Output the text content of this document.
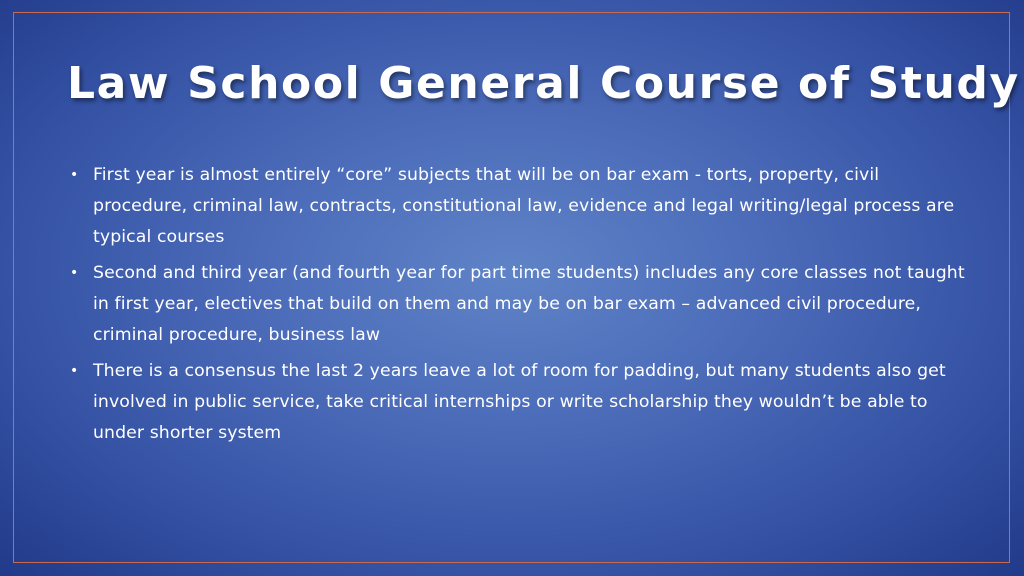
Law School General Course of Study
• First year is almost entirely “core” subjects that will be on bar exam - torts, property, civil procedure, criminal law, contracts, constitutional law, evidence and legal writing/legal process are typical courses
• Second and third year (and fourth year for part time students) includes any core classes not taught in first year, electives that build on them and may be on bar exam – advanced civil procedure, criminal procedure, business law
• There is a consensus the last 2 years leave a lot of room for padding, but many students also get involved in public service, take critical internships or write scholarship they wouldn’t be able to under shorter system
